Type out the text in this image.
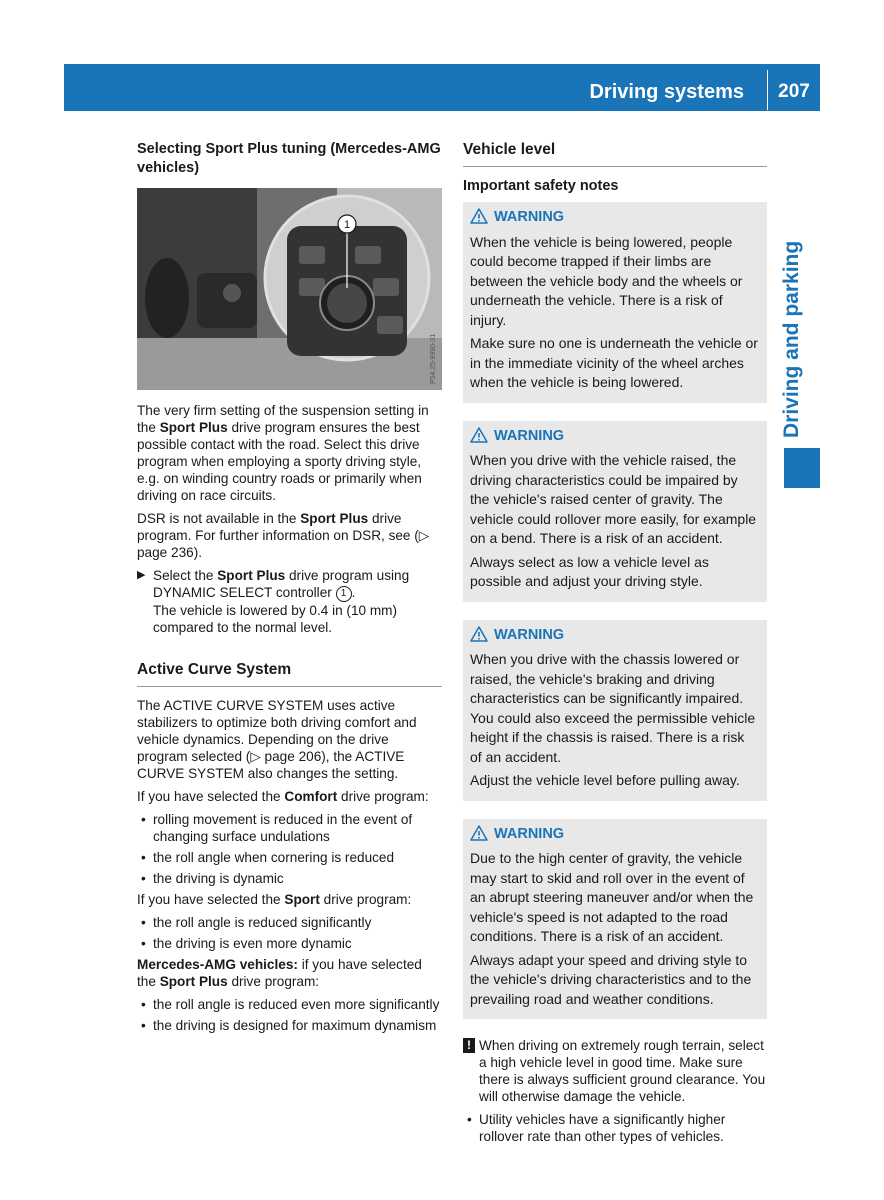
Driving systems	207
Driving and parking
Selecting Sport Plus tuning (Mercedes-AMG vehicles)
1
P54.25-9990-31

The very firm setting of the suspension setting in the Sport Plus drive program ensures the best possible contact with the road. Select this drive program when employing a sporty driving style, e.g. on winding country roads or primarily when driving on race circuits.

DSR is not available in the Sport Plus drive program. For further information on DSR, see (▷ page 236).

▶ Select the Sport Plus drive program using DYNAMIC SELECT controller 1 .
The vehicle is lowered by 0.4 in (10 mm) compared to the normal level.
Active Curve System

The ACTIVE CURVE SYSTEM uses active stabilizers to optimize both driving comfort and vehicle dynamics. Depending on the drive program selected (▷ page 206), the ACTIVE CURVE SYSTEM also changes the setting.

If you have selected the Comfort drive program:

• rolling movement is reduced in the event of changing surface undulations
• the roll angle when cornering is reduced
• the driving is dynamic

If you have selected the Sport drive program:

• the roll angle is reduced significantly
• the driving is even more dynamic

Mercedes-AMG vehicles: if you have selected the Sport Plus drive program:

• the roll angle is reduced even more significantly
• the driving is designed for maximum dynamism
Vehicle level
Important safety notes
WARNING

When the vehicle is being lowered, people could become trapped if their limbs are between the vehicle body and the wheels or underneath the vehicle. There is a risk of injury.

Make sure no one is underneath the vehicle or in the immediate vicinity of the wheel arches when the vehicle is being lowered.

WARNING

When you drive with the vehicle raised, the driving characteristics could be impaired by the vehicle's raised center of gravity. The vehicle could rollover more easily, for example on a bend. There is a risk of an accident.

Always select as low a vehicle level as possible and adjust your driving style.

WARNING

When you drive with the chassis lowered or raised, the vehicle's braking and driving characteristics can be significantly impaired. You could also exceed the permissible vehicle height if the chassis is raised. There is a risk of an accident.

Adjust the vehicle level before pulling away.

WARNING

Due to the high center of gravity, the vehicle may start to skid and roll over in the event of an abrupt steering maneuver and/or when the vehicle's speed is not adapted to the road conditions. There is a risk of an accident.

Always adapt your speed and driving style to the vehicle's driving characteristics and to the prevailing road and weather conditions.

! When driving on extremely rough terrain, select a high vehicle level in good time. Make sure there is always sufficient ground clearance. You will otherwise damage the vehicle.
• Utility vehicles have a significantly higher rollover rate than other types of vehicles.
